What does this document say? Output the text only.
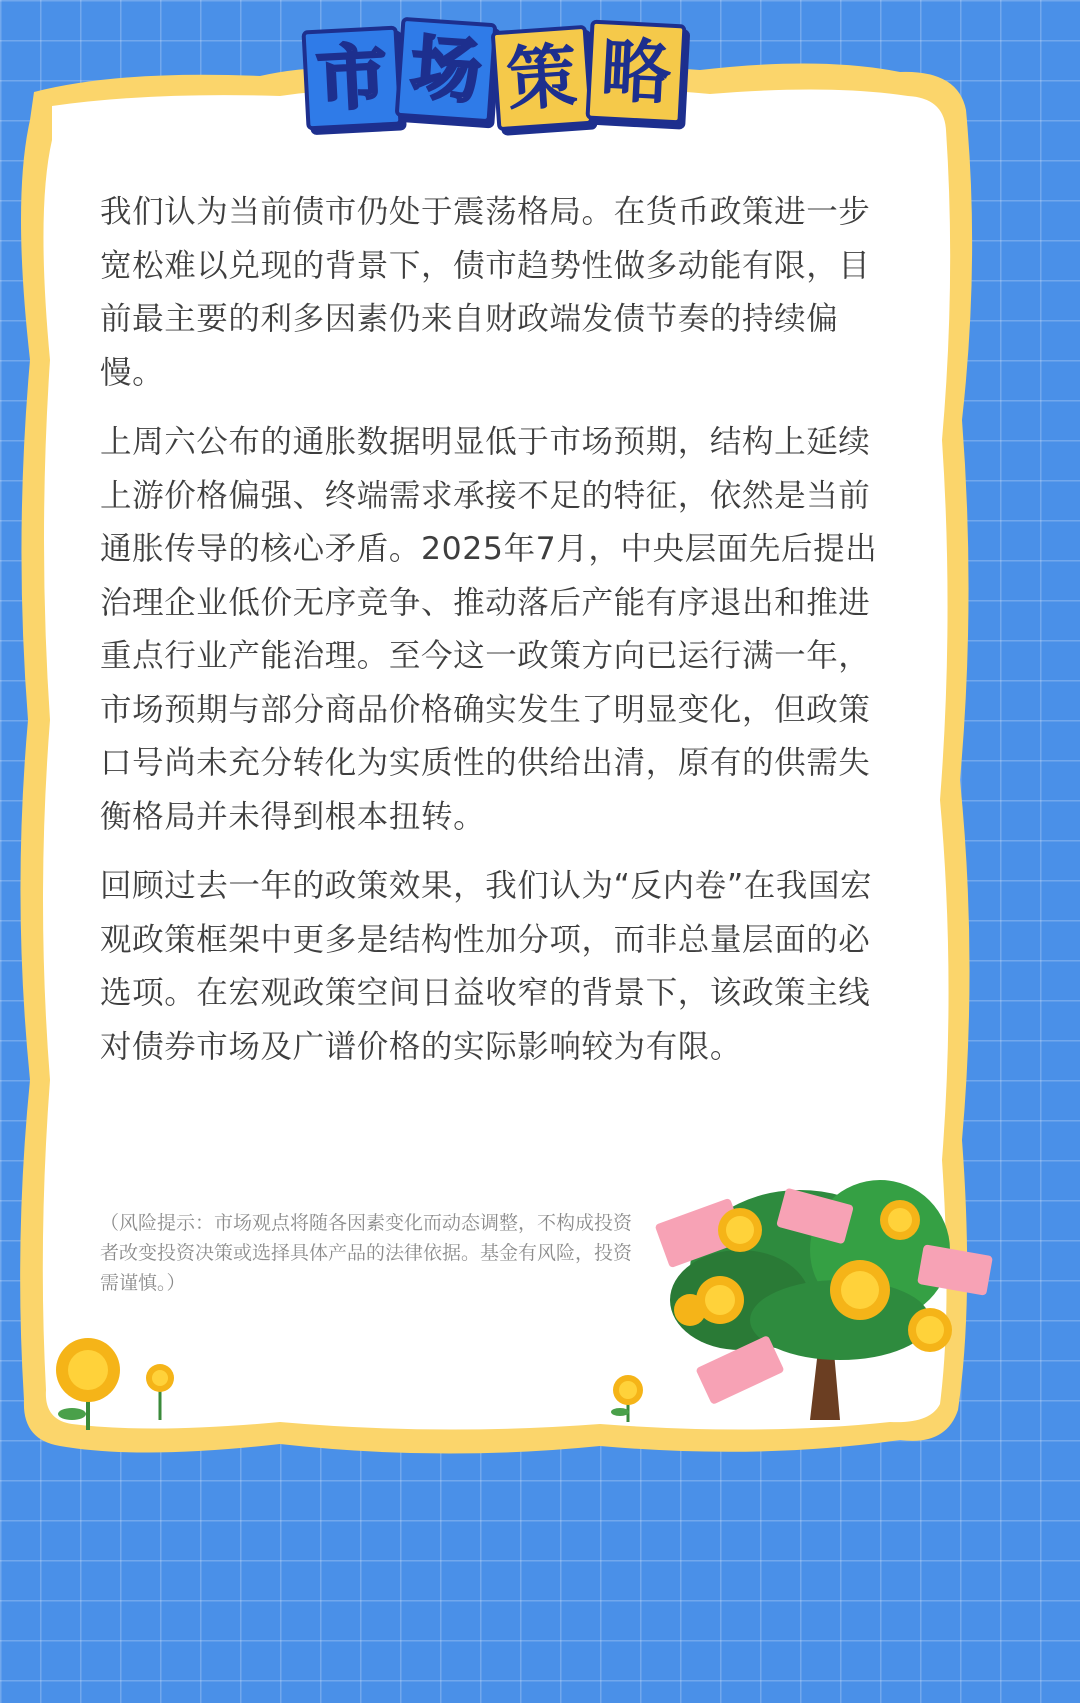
市 场 策 略

我们认为当前债市仍处于震荡格局。在货币政策进一步宽松难以兑现的背景下，债市趋势性做多动能有限，目前最主要的利多因素仍来自财政端发债节奏的持续偏慢。

上周六公布的通胀数据明显低于市场预期，结构上延续上游价格偏强、终端需求承接不足的特征，依然是当前通胀传导的核心矛盾。2025年7月，中央层面先后提出治理企业低价无序竞争、推动落后产能有序退出和推进重点行业产能治理。至今这一政策方向已运行满一年，市场预期与部分商品价格确实发生了明显变化，但政策口号尚未充分转化为实质性的供给出清，原有的供需失衡格局并未得到根本扭转。

回顾过去一年的政策效果，我们认为“反内卷”在我国宏观政策框架中更多是结构性加分项，而非总量层面的必选项。在宏观政策空间日益收窄的背景下，该政策主线对债券市场及广谱价格的实际影响较为有限。

（风险提示：市场观点将随各因素变化而动态调整，不构成投资者改变投资决策或选择具体产品的法律依据。基金有风险，投资需谨慎。）
